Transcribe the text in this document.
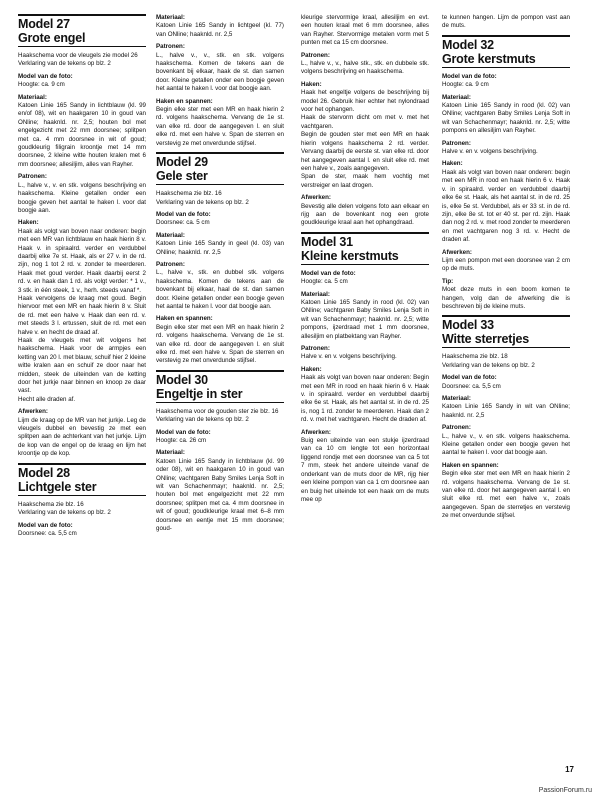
Model 27
Grote engel
Haakschema voor de vleugels zie model 26
Verklaring van de tekens op blz. 2
Model van de foto:
Hoogte: ca. 9 cm
Materiaal:
Katoen Linie 165 Sandy in lichtblauw (kl. 99 en/of 08), wit en haakgaren 10 in goud van ONline; haaknld. nr. 2,5; houten bol met engelgezicht met 22 mm doorsnee; splitpen met ca. 4 mm doorsnee in wit of goud; goudkleurig filigrain kroontje met 14 mm doorsnee, 2 kleine witte houten kralen met 6 mm doorsnee; allesiljim, alles van Rayher.
Patronen:
L., halve v., v. en stk. volgens beschrijving en haakschema. Kleine getallen onder een boogje geven het aantal te haken l. voor dat boogje aan.
Haken:
Haak als volgt van boven naar onderen: begin met een MR van lichtblauw en haak hierin 8 v. Haak v. in spiraalrd. verder en verdubbel daarbij elke 7e st. Haak, als er 27 v. in de rd. zijn, nog 1 tot 2 rd. v. zonder te meerderen. Haak met goud verder. Haak daarbij eerst 2 rd. v. en haak dan 1 rd. als volgt verder: * 1 v., 3 stk. in één steek, 1 v., herh. steeds vanaf *.
Haak vervolgens de kraag met goud. Begin hiervoor met een MR en haak hierin 8 v. Sluit de rd. met een halve v. Haak dan een rd. v. met steeds 3 l. ertussen, sluit de rd. met een halve v. en hecht de draad af.
Haak de vleugels met wit volgens het haakschema. Haak voor de armpjes een ketting van 20 l. met blauw, schuif hier 2 kleine witte kralen aan en schuif ze door naar het midden, steek de uiteinden van de ketting door het jurkje naar binnen en knoop ze daar vast.
Hecht alle draden af.
Afwerken:
Lijm de kraag op de MR van het jurkje. Leg de vleugels dubbel en bevestig ze met een splitpen aan de achterkant van het jurkje. Lijm de kop van de engel op de kraag en lijm het kroontje op de kop.
Model 28
Lichtgele ster
Haakschema zie blz. 16
Verklaring van de tekens op blz. 2
Model van de foto:
Doorsnee: ca. 5,5 cm
Materiaal:
Katoen Linie 165 Sandy in lichtgeel (kl. 77) van ONline; haaknld. nr. 2,5
Patronen:
L., halve v., v., stk. en stk. volgens haakschema. Komen de tekens aan de bovenkant bij elkaar, haak de st. dan samen door. Kleine getallen onder een boogje geven het aantal te haken l. voor dat boogje aan.
Haken en spannen:
Begin elke ster met een MR en haak hierin 2 rd. volgens haakschema. Vervang de 1e st. van elke rd. door de aangegeven l. en sluit elke rd. met een halve v. Span de sterren en verstevig ze met onverdunde stijfsel.
Model 29
Gele ster
Haakschema zie blz. 16
Verklaring van de tekens op blz. 2
Model van de foto:
Doorsnee: ca. 5 cm
Materiaal:
Katoen Linie 165 Sandy in geel (kl. 03) van ONline; haaknld. nr. 2,5
Patronen:
L., halve v., stk. en dubbel stk. volgens haakschema. Komen de tekens aan de bovenkant bij elkaar, haal de st. dan samen door. Kleine getallen onder een boogje geven het aantal te haken l. voor dat boogje aan.
Haken en spannen:
Begin elke ster met een MR en haak hierin 2 rd. volgens haakschema. Vervang de 1e st. van elke rd. door de aangegeven l. en sluit elke rd. met een halve v. Span de sterren en verstevig ze met onverdunde stijfsel.
Model 30
Engeltje in ster
Haakschema voor de gouden ster zie blz. 16
Verklaring van de tekens op blz. 2
Model van de foto:
Hoogte: ca. 26 cm
Materiaal:
Katoen Linie 165 Sandy in lichtblauw (kl. 99 oder 08), wit en haakgaren 10 in goud van ONline; vachtgaren Baby Smiles Lenja Soft in wit van Schachenmayr; haaknld. nr. 2,5; houten bol met engelgezicht met 22 mm doorsnee; splitpen met ca. 4 mm doorsnee in wit of goud; goudkleurige kraal met 6–8 mm doorsnee en eentje met 15 mm doorsnee; goud-
kleurige stervormige kraal, allesiljim en evt. een houten kraal met 6 mm doorsnee, alles van Rayher. Stervormige metalen vorm met 5 punten met ca 15 cm doorsnee.
Patronen:
L., halve v., v., halve stk., stk. en dubbele stk. volgens beschrijving en haakschema.
Haken:
Haak het engeltje volgens de beschrijving bij model 26. Gebruik hier echter het nylondraad voor het ophangen.
Haak de stervorm dicht om met v. met het vachtgaren.
Begin de gouden ster met een MR en haak hierin volgens haakschema 2 rd. verder. Vervang daarbij de eerste st. van elke rd. door het aangegeven aantal l. en sluit elke rd. met een halve v., zoals aangegeven.
Span de ster, maak hem vochtig met verstreiger en laat drogen.
Afwerken:
Bevestig alle delen volgens foto aan elkaar en rijg aan de bovenkant nog een grote goudkleurige kraal aan het ophangdraad.
Model 31
Kleine kerstmuts
Model van de foto:
Hoogte: ca. 5 cm
Materiaal:
Katoen Linie 165 Sandy in rood (kl. 02) van ONline; vachtgaren Baby Smiles Lenja Soft in wit van Schachenmayr; haaknld. nr. 2,5; witte pompons, ijzerdraad met 1 mm doorsnee, allesiljim en platbektang van Rayher.
Patronen:
Halve v. en v. volgens beschrijving.
Haken:
Haak als volgt van boven naar onderen: Begin met een MR in rood en haak hierin 6 v. Haak v. in spiraalrd. verder en verdubbel daarbij elke 6e st. Haak, als het aantal st. in de rd. 25 is, nog 1 rd. zonder te meerderen. Haak dan 2 rd. v. met het vachtgaren. Hecht de draden af.
Afwerken:
Buig een uiteinde van een stukje ijzerdraad van ca 10 cm lengte tot een horizontaal liggend rondje met een doorsnee van ca 5 tot 7 mm, steek het andere uiteinde vanaf de onderkant van de muts door de MR, rijg hier een kleine pompon van ca 1 cm doorsnee aan en buig het uiteinde tot een haak om de muts mee op
te kunnen hangen. Lijm de pompon vast aan de muts.
Model 32
Grote kerstmuts
Model van de foto:
Hoogte: ca. 9 cm
Materiaal:
Katoen Linie 165 Sandy in rood (kl. 02) van ONline; vachtgaren Baby Smiles Lenja Soft in wit van Schachenmayr; haaknld. nr. 2,5; witte pompons en allesiljim van Rayher.
Patronen:
Halve v. en v. volgens beschrijving.
Haken:
Haak als volgt van boven naar onderen: begin met een MR in rood en haak hierin 6 v. Haak v. in spiraalrd. verder en verdubbel daarbij elke 6e st. Haak, als het aantal st. in de rd. 25 is, elke 5e st. Verdubbel, als er 33 st. in de rd. zijn, elke 8e st. tot er 40 st. per rd. zijn. Haak dan nog 2 rd. v. met rood zonder te meerderen en met vachtgaren nog 3 rd. v. Hecht de draden af.
Afwerken:
Lijm een pompon met een doorsnee van 2 cm op de muts.
Tip:
Moet deze muts in een boom komen te hangen, volg dan de afwerking die is beschreven bij de kleine muts.
Model 33
Witte sterretjes
Haakschema zie blz. 18
Verklaring van de tekens op blz. 2
Model van de foto:
Doorsnee: ca. 5,5 cm
Materiaal:
Katoen Linie 165 Sandy in wit van ONline; haaknld. nr. 2,5
Patronen:
L., halve v., v. en stk. volgens haakschema. Kleine getallen onder een boogje geven het aantal te haken l. voor dat boogje aan.
Haken en spannen:
Begin elke ster met een MR en haak hierin 2 rd. volgens haakschema. Vervang de 1e st. van elke rd. door het aangegeven aantal l. en sluit elke rd. met een halve v., zoals aangegeven. Span de sterretjes en verstevig ze met onverdunde stijfsel.
17
PassionForum.ru
